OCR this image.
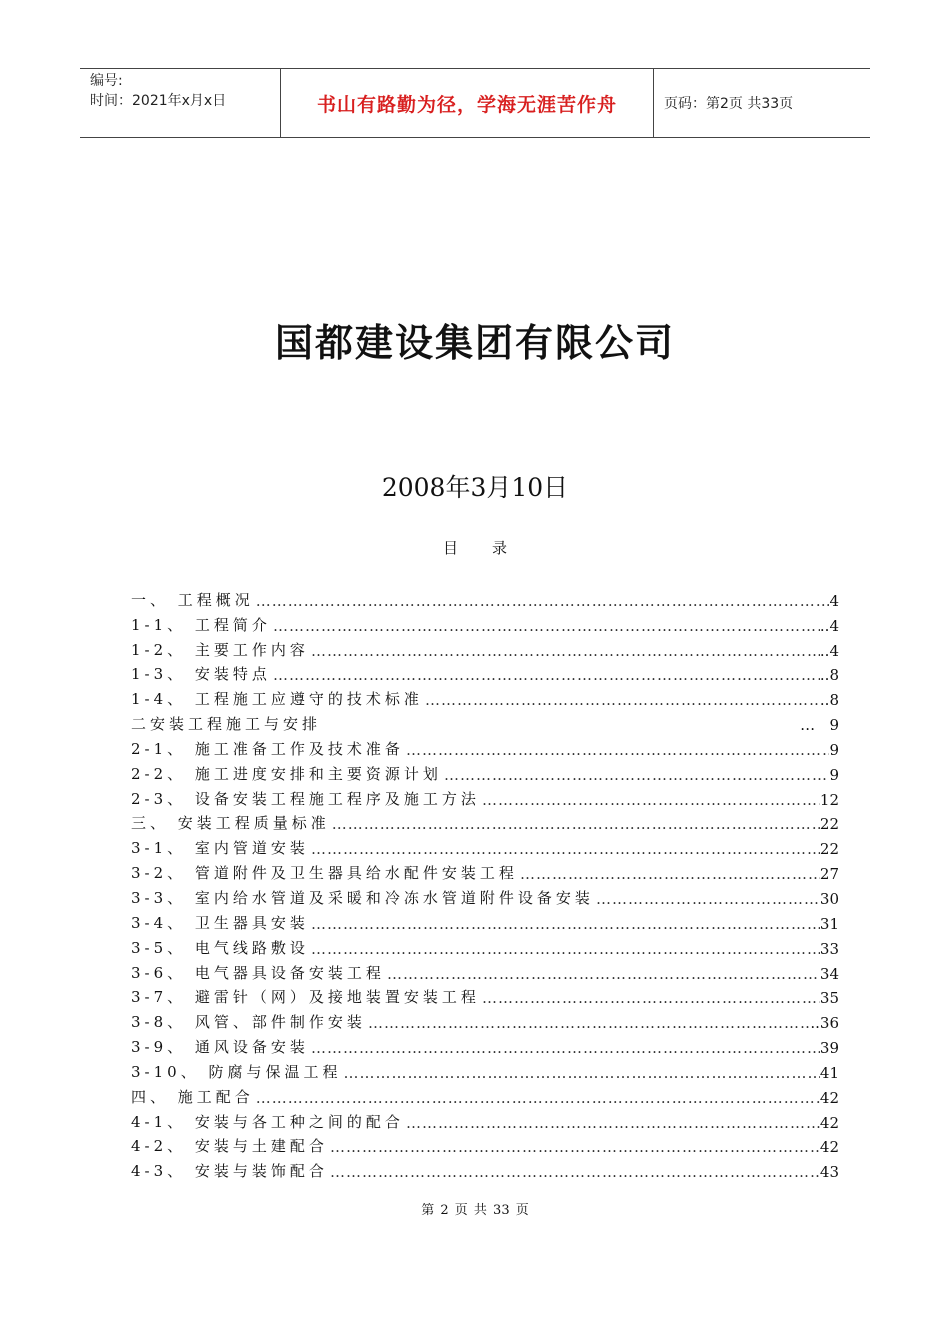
编号:
时间：2021年x月x日	书山有路勤为径，学海无涯苦作舟	页码：第2页 共33页
国都建设集团有限公司
2008年3月10日
目录
一、 工程概况 ………………………………………………………………………………………………………………………………………………	4
1-1、 工程简介 ………………………………………………………………………………………………………………………………………………	..4
1-2、 主要工作内容 ………………………………………………………………………………………………………………………………………………	..4
1-3、 安装特点 ………………………………………………………………………………………………………………………………………………	..8
1-4、 工程施工应遵守的技术标准 ………………………………………………………………………………………………………………………………………………	..8
二安装工程施工与安排	… 9
2-1、 施工准备工作及技术准备 ………………………………………………………………………………………………………………………………………………	9
2-2、 施工进度安排和主要资源计划 ………………………………………………………………………………………………………………………………………………	9
2-3、 设备安装工程施工程序及施工方法 ………………………………………………………………………………………………………………………………………………	12
三、 安装工程质量标准 ………………………………………………………………………………………………………………………………………………	22
3-1、 室内管道安装 ………………………………………………………………………………………………………………………………………………	22
3-2、 管道附件及卫生器具给水配件安装工程 ………………………………………………………………………………………………………………………………………………	27
3-3、 室内给水管道及采暖和冷冻水管道附件设备安装 ………………………………………………………………………………………………………………………………………………	30
3-4、 卫生器具安装 ………………………………………………………………………………………………………………………………………………	31
3-5、 电气线路敷设 ………………………………………………………………………………………………………………………………………………	33
3-6、 电气器具设备安装工程 ………………………………………………………………………………………………………………………………………………	34
3-7、 避雷针（网）及接地装置安装工程 ………………………………………………………………………………………………………………………………………………	35
3-8、 风管、部件制作安装 ………………………………………………………………………………………………………………………………………………	..36
3-9、 通风设备安装 ………………………………………………………………………………………………………………………………………………	39
3-10、 防腐与保温工程 ………………………………………………………………………………………………………………………………………………	41
四、 施工配合 ………………………………………………………………………………………………………………………………………………	42
4-1、 安装与各工种之间的配合 ………………………………………………………………………………………………………………………………………………	42
4-2、 安装与土建配合 ………………………………………………………………………………………………………………………………………………	42
4-3、 安装与装饰配合 ………………………………………………………………………………………………………………………………………………	43
第 2 页 共 33 页
